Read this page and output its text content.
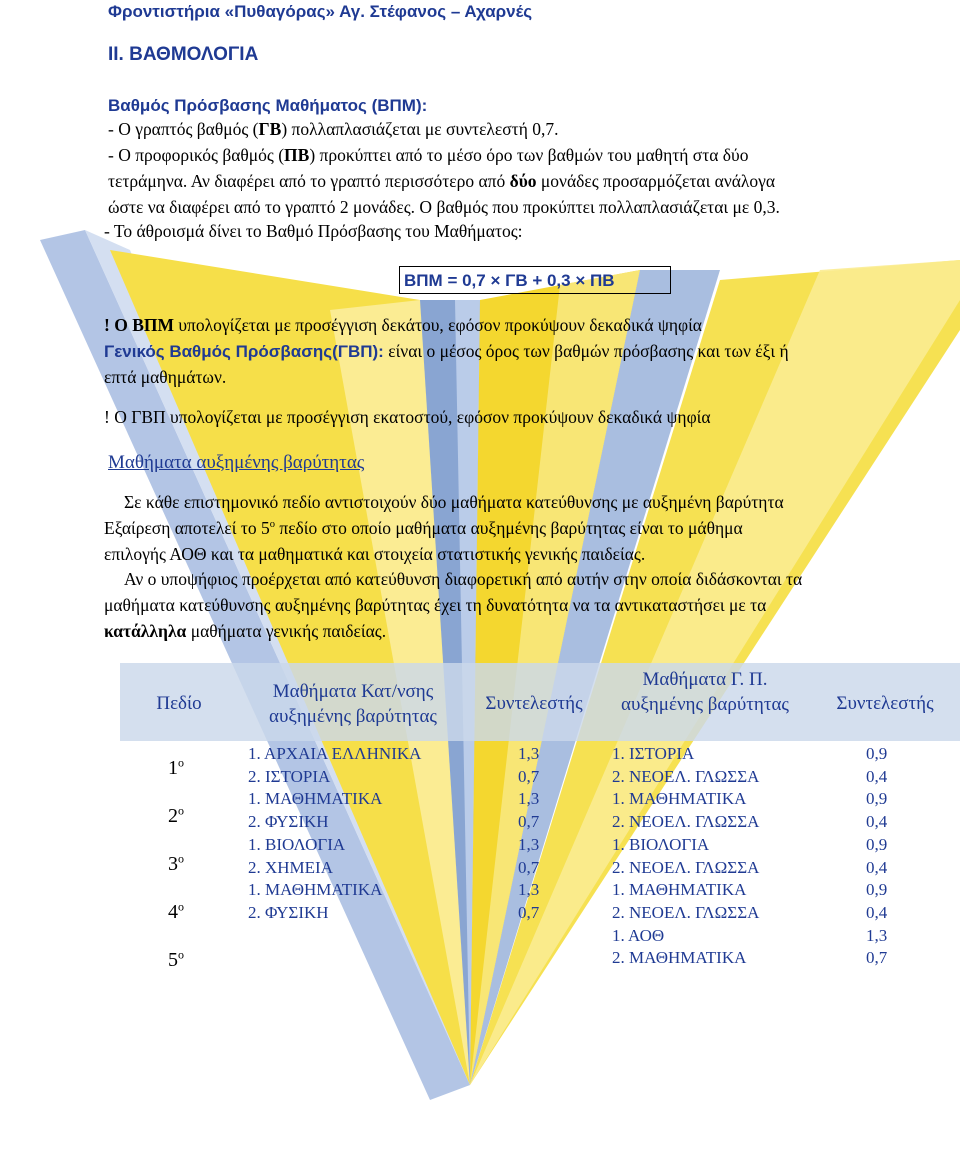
Φροντιστήρια «Πυθαγόρας» Αγ. Στέφανος – Αχαρνές
ΙΙ. ΒΑΘΜΟΛΟΓΙΑ
Βαθμός Πρόσβασης Μαθήματος (ΒΠΜ):
- Ο γραπτός βαθμός (ΓΒ) πολλαπλασιάζεται με συντελεστή 0,7.
- Ο προφορικός βαθμός (ΠΒ) προκύπτει από το μέσο όρο των βαθμών του μαθητή στα δύο
τετράμηνα. Αν διαφέρει από το γραπτό περισσότερο από δύο μονάδες προσαρμόζεται ανάλογα
ώστε να διαφέρει από το γραπτό 2 μονάδες. Ο βαθμός που προκύπτει πολλαπλασιάζεται με 0,3.
- Το άθροισμά δίνει το Βαθμό Πρόσβασης του Μαθήματος:
ΒΠΜ = 0,7 × ΓΒ + 0,3 × ΠΒ
! Ο ΒΠΜ υπολογίζεται με προσέγγιση δεκάτου, εφόσον προκύψουν δεκαδικά ψηφία
Γενικός Βαθμός Πρόσβασης(ΓΒΠ): είναι ο μέσος όρος των βαθμών πρόσβασης και των έξι ή
επτά μαθημάτων.
! Ο ΓΒΠ υπολογίζεται με προσέγγιση εκατοστού, εφόσον προκύψουν δεκαδικά ψηφία
Μαθήματα αυξημένης βαρύτητας
Σε κάθε επιστημονικό πεδίο αντιστοιχούν δύο μαθήματα κατεύθυνσης με αυξημένη βαρύτητα
Εξαίρεση αποτελεί το $5^o$ πεδίο στο οποίο μαθήματα αυξημένης βαρύτητας είναι το μάθημα
επιλογής ΑΟΘ και τα μαθηματικά και στοιχεία στατιστικής γενικής παιδείας.
Αν ο υποψήφιος προέρχεται από κατεύθυνση διαφορετική από αυτήν στην οποία διδάσκονται τα
μαθήματα κατεύθυνσης αυξημένης βαρύτητας έχει τη δυνατότητα να τα αντικαταστήσει με τα
κατάλληλα μαθήματα γενικής παιδείας.
Πεδίο
Μαθήματα Κατ/νσης αυξημένης βαρύτητας
Συντελεστής
Μαθήματα Γ. Π. αυξημένης βαρύτητας	Συντελεστής
$1^o$
$2^o$
$3^o$
$4^o$
$5^o$
1. ΑΡΧΑΙΑ ΕΛΛΗΝΙΚΑ
2. ΙΣΤΟΡΙΑ
1. ΜΑΘΗΜΑΤΙΚΑ
2. ΦΥΣΙΚΗ
1. ΒΙΟΛΟΓΙΑ
2. ΧΗΜΕΙΑ
1. ΜΑΘΗΜΑΤΙΚΑ
2. ΦΥΣΙΚΗ
1,3
0,7
1,3
0,7
1,3
0,7
1,3
0,7
1. ΙΣΤΟΡΙΑ
2. ΝΕΟΕΛ. ΓΛΩΣΣΑ
1. ΜΑΘΗΜΑΤΙΚΑ
2. ΝΕΟΕΛ. ΓΛΩΣΣΑ
1. ΒΙΟΛΟΓΙΑ
2. ΝΕΟΕΛ. ΓΛΩΣΣΑ
1. ΜΑΘΗΜΑΤΙΚΑ
2. ΝΕΟΕΛ. ΓΛΩΣΣΑ
1. ΑΟΘ
2. ΜΑΘΗΜΑΤΙΚΑ
0,9
0,4
0,9
0,4
0,9
0,4
0,9
0,4
1,3
0,7
